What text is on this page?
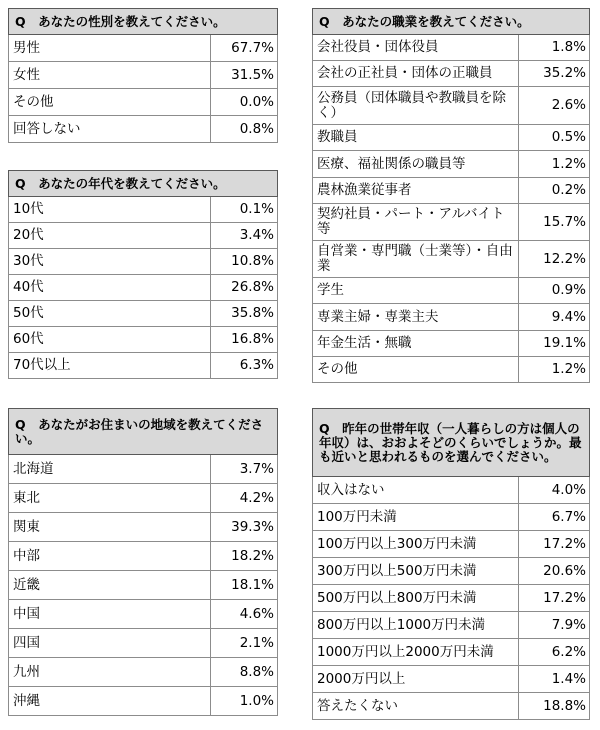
Q　あなたの性別を教えてください。	
男性	67.7%
女性	31.5%
その他	0.0%
回答しない	0.8%
Q　あなたの年代を教えてください。	
10代	0.1%
20代	3.4%
30代	10.8%
40代	26.8%
50代	35.8%
60代	16.8%
70代以上	6.3%
Q　あなたがお住まいの地域を教えてください。	
北海道	3.7%
東北	4.2%
関東	39.3%
中部	18.2%
近畿	18.1%
中国	4.6%
四国	2.1%
九州	8.8%
沖縄	1.0%
Q　あなたの職業を教えてください。	
会社役員・団体役員	1.8%
会社の正社員・団体の正職員	35.2%
公務員（団体職員や教職員を除く）	2.6%
教職員	0.5%
医療、福祉関係の職員等	1.2%
農林漁業従事者	0.2%
契約社員・パート・アルバイト等	15.7%
自営業・専門職（士業等）・自由業	12.2%
学生	0.9%
専業主婦・専業主夫	9.4%
年金生活・無職	19.1%
その他	1.2%
Q　昨年の世帯年収（一人暮らしの方は個人の年収）は、おおよそどのくらいでしょうか。最も近いと思われるものを選んでください。	
収入はない	4.0%
100万円未満	6.7%
100万円以上300万円未満	17.2%
300万円以上500万円未満	20.6%
500万円以上800万円未満	17.2%
800万円以上1000万円未満	7.9%
1000万円以上2000万円未満	6.2%
2000万円以上	1.4%
答えたくない	18.8%
